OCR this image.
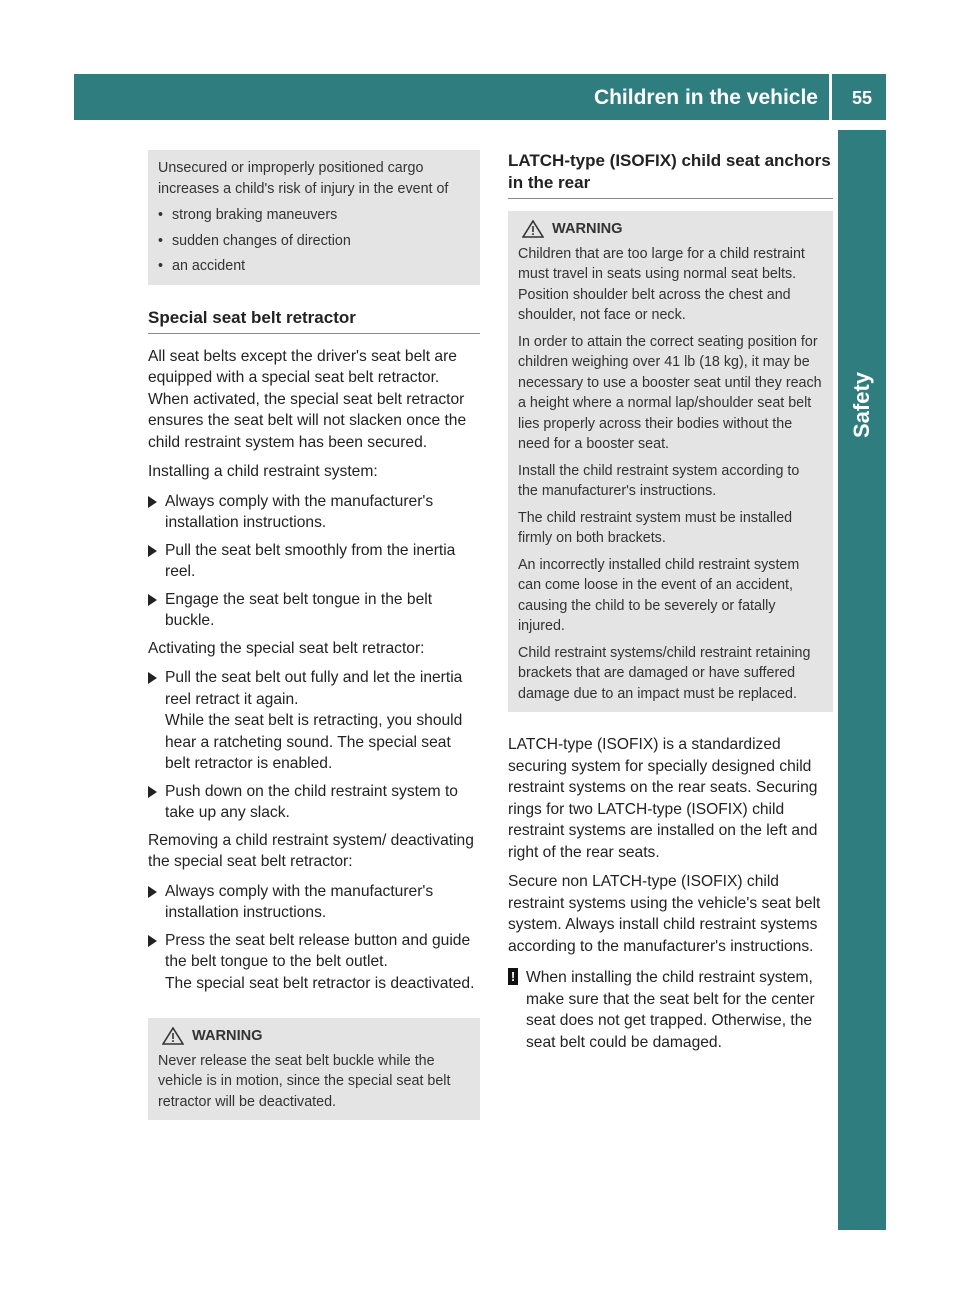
Children in the vehicle 55
Safety

Unsecured or improperly positioned cargo increases a child's risk of injury in the event of

• strong braking maneuvers

• sudden changes of direction

• an accident

Special seat belt retractor

All seat belts except the driver's seat belt are equipped with a special seat belt retractor. When activated, the special seat belt retractor ensures the seat belt will not slacken once the child restraint system has been secured.

Installing a child restraint system:

Always comply with the manufacturer's installation instructions.
Pull the seat belt smoothly from the inertia reel.
Engage the seat belt tongue in the belt buckle.

Activating the special seat belt retractor:

Pull the seat belt out fully and let the inertia reel retract it again.
While the seat belt is retracting, you should hear a ratcheting sound. The special seat belt retractor is enabled.
Push down on the child restraint system to take up any slack.

Removing a child restraint system/ deactivating the special seat belt retractor:

Always comply with the manufacturer's installation instructions.
Press the seat belt release button and guide the belt tongue to the belt outlet.
The special seat belt retractor is deactivated.
WARNING

Never release the seat belt buckle while the vehicle is in motion, since the special seat belt retractor will be deactivated.

LATCH-type (ISOFIX) child seat anchors in the rear
WARNING

Children that are too large for a child restraint must travel in seats using normal seat belts. Position shoulder belt across the chest and shoulder, not face or neck.

In order to attain the correct seating position for children weighing over 41 lb (18 kg), it may be necessary to use a booster seat until they reach a height where a normal lap/shoulder seat belt lies properly across their bodies without the need for a booster seat.

Install the child restraint system according to the manufacturer's instructions.

The child restraint system must be installed firmly on both brackets.

An incorrectly installed child restraint system can come loose in the event of an accident, causing the child to be severely or fatally injured.

Child restraint systems/child restraint retaining brackets that are damaged or have suffered damage due to an impact must be replaced.

LATCH-type (ISOFIX) is a standardized securing system for specially designed child restraint systems on the rear seats. Securing rings for two LATCH-type (ISOFIX) child restraint systems are installed on the left and right of the rear seats.

Secure non LATCH-type (ISOFIX) child restraint systems using the vehicle's seat belt system. Always install child restraint systems according to the manufacturer's instructions.

! When installing the child restraint system, make sure that the seat belt for the center seat does not get trapped. Otherwise, the seat belt could be damaged.
